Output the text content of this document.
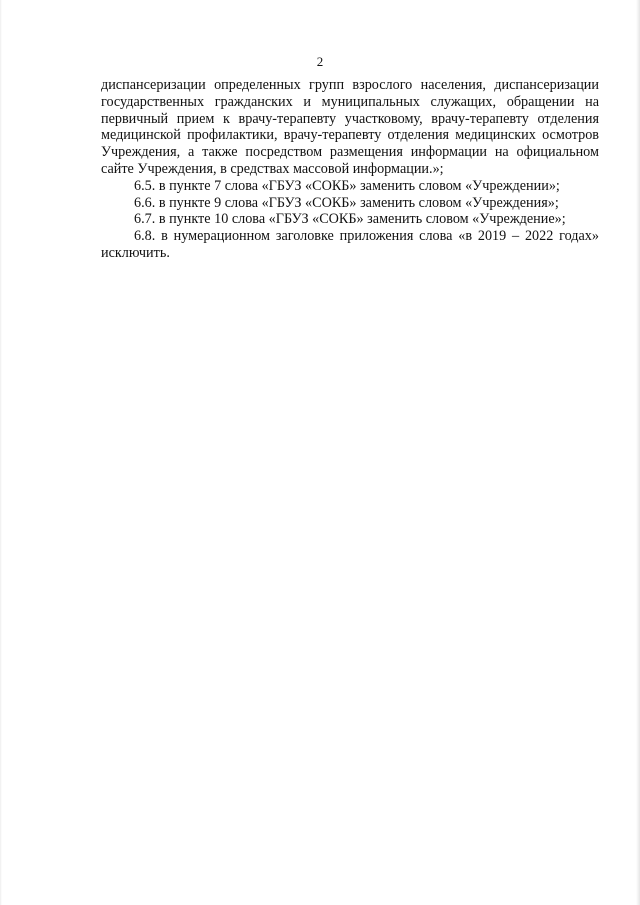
2

диспансеризации определенных групп взрослого населения, диспансеризации государственных гражданских и муниципальных служащих, обращении на первичный прием к врачу-терапевту участковому, врачу-терапевту отделения медицинской профилактики, врачу-терапевту отделения медицинских осмотров Учреждения, а также посредством размещения информации на официальном сайте Учреждения, в средствах массовой информации.»;

6.5. в пункте 7 слова «ГБУЗ «СОКБ» заменить словом «Учреждении»;

6.6. в пункте 9 слова «ГБУЗ «СОКБ» заменить словом «Учреждения»;

6.7. в пункте 10 слова «ГБУЗ «СОКБ» заменить словом «Учреждение»;

6.8. в нумерационном заголовке приложения слова «в 2019 – 2022 годах» исключить.
